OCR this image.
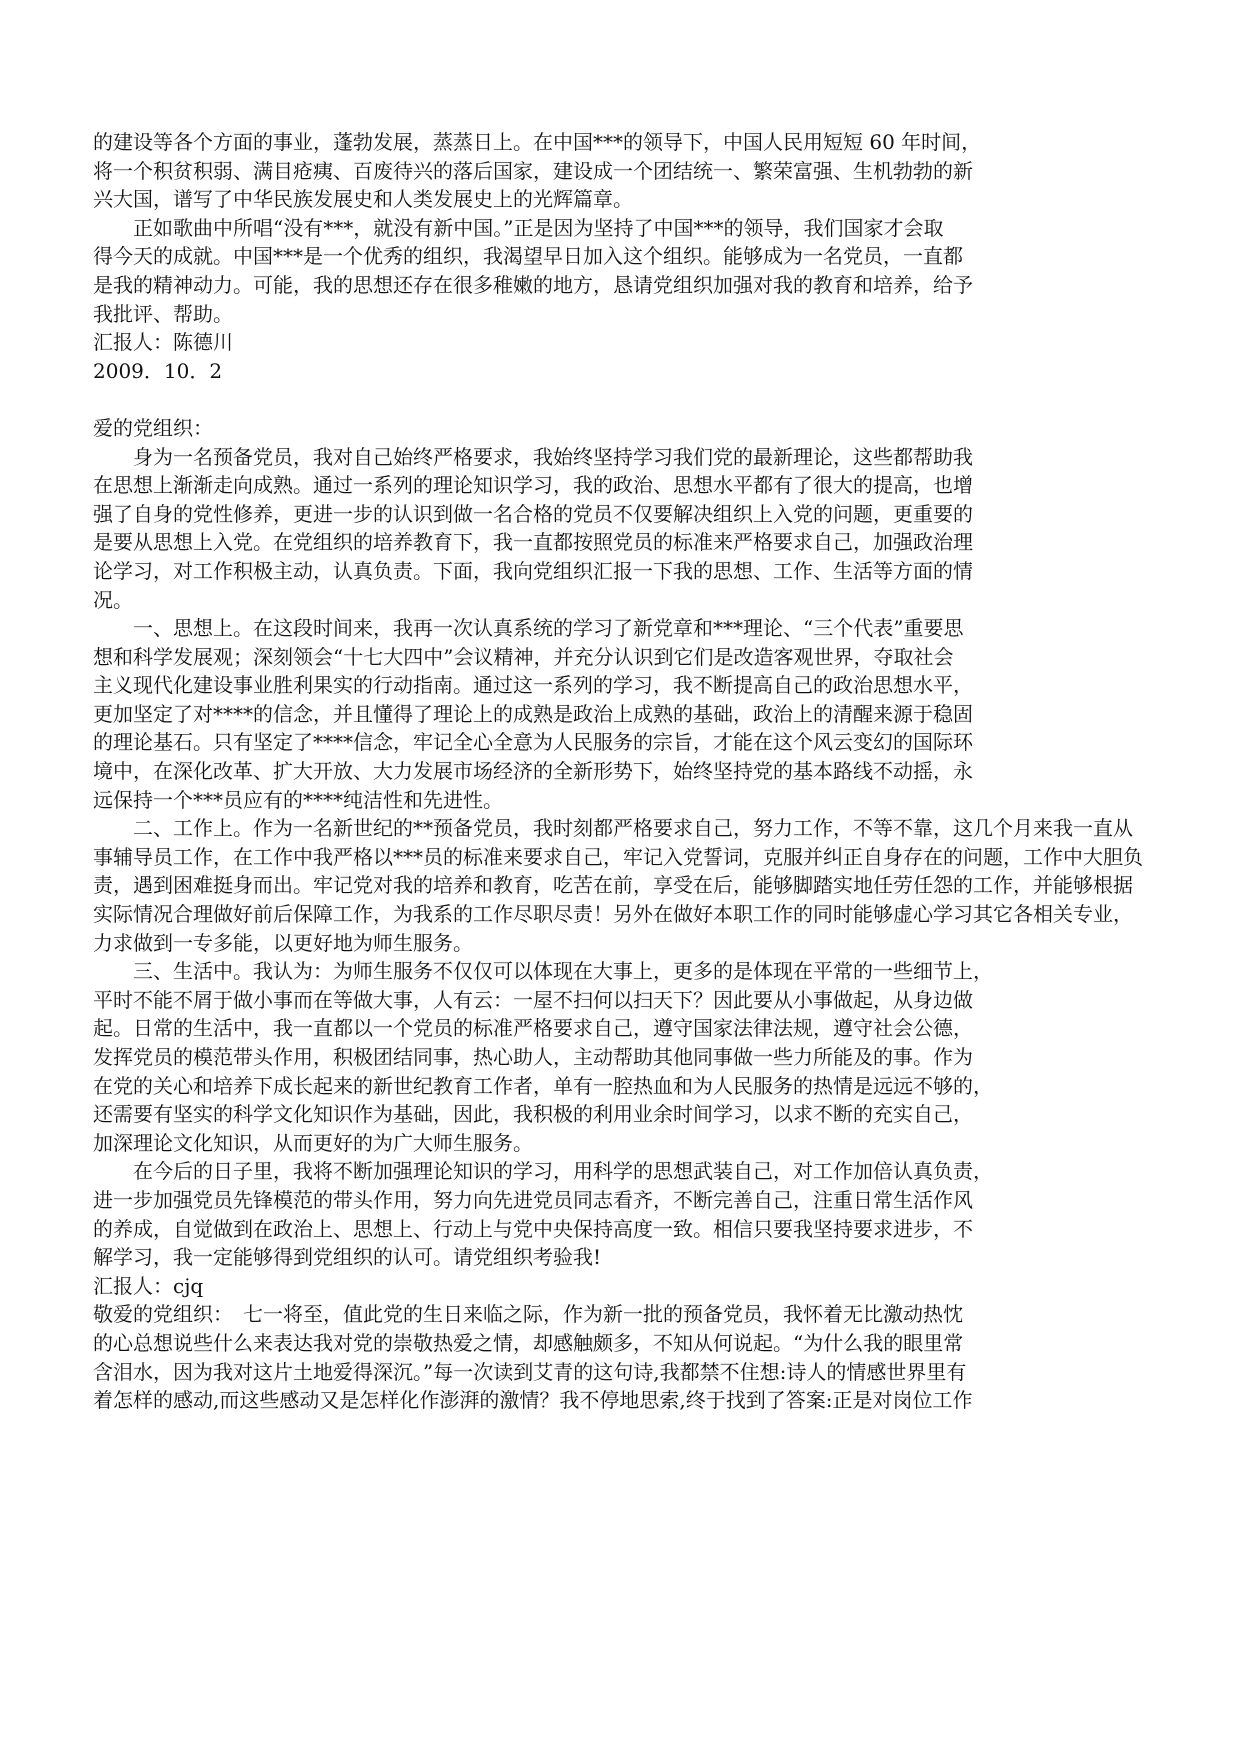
的建设等各个方面的事业，蓬勃发展，蒸蒸日上。在中国***的领导下，中国人民用短短 60 年时间，
将一个积贫积弱、满目疮痍、百废待兴的落后国家，建设成一个团结统一、繁荣富强、生机勃勃的新
兴大国，谱写了中华民族发展史和人类发展史上的光辉篇章。
正如歌曲中所唱“没有***，就没有新中国。”正是因为坚持了中国***的领导，我们国家才会取
得今天的成就。中国***是一个优秀的组织，我渴望早日加入这个组织。能够成为一名党员，一直都
是我的精神动力。可能，我的思想还存在很多稚嫩的地方，恳请党组织加强对我的教育和培养，给予
我批评、帮助。
汇报人：陈德川
2009．10．2
爱的党组织：
身为一名预备党员，我对自己始终严格要求，我始终坚持学习我们党的最新理论，这些都帮助我
在思想上渐渐走向成熟。通过一系列的理论知识学习，我的政治、思想水平都有了很大的提高，也增
强了自身的党性修养，更进一步的认识到做一名合格的党员不仅要解决组织上入党的问题，更重要的
是要从思想上入党。在党组织的培养教育下，我一直都按照党员的标准来严格要求自己，加强政治理
论学习，对工作积极主动，认真负责。下面，我向党组织汇报一下我的思想、工作、生活等方面的情
况。
一、思想上。在这段时间来，我再一次认真系统的学习了新党章和***理论、“三个代表”重要思
想和科学发展观；深刻领会“十七大四中”会议精神，并充分认识到它们是改造客观世界，夺取社会
主义现代化建设事业胜利果实的行动指南。通过这一系列的学习，我不断提高自己的政治思想水平，
更加坚定了对****的信念，并且懂得了理论上的成熟是政治上成熟的基础，政治上的清醒来源于稳固
的理论基石。只有坚定了****信念，牢记全心全意为人民服务的宗旨，才能在这个风云变幻的国际环
境中，在深化改革、扩大开放、大力发展市场经济的全新形势下，始终坚持党的基本路线不动摇，永
远保持一个***员应有的****纯洁性和先进性。
二、工作上。作为一名新世纪的**预备党员，我时刻都严格要求自己，努力工作，不等不靠，这几个月来我一直从
事辅导员工作，在工作中我严格以***员的标准来要求自己，牢记入党誓词，克服并纠正自身存在的问题，工作中大胆负
责，遇到困难挺身而出。牢记党对我的培养和教育，吃苦在前，享受在后，能够脚踏实地任劳任怨的工作，并能够根据
实际情况合理做好前后保障工作，为我系的工作尽职尽责！另外在做好本职工作的同时能够虚心学习其它各相关专业，
力求做到一专多能，以更好地为师生服务。
三、生活中。我认为：为师生服务不仅仅可以体现在大事上，更多的是体现在平常的一些细节上，
平时不能不屑于做小事而在等做大事，人有云：一屋不扫何以扫天下？因此要从小事做起，从身边做
起。日常的生活中，我一直都以一个党员的标准严格要求自己，遵守国家法律法规，遵守社会公德，
发挥党员的模范带头作用，积极团结同事，热心助人，主动帮助其他同事做一些力所能及的事。作为
在党的关心和培养下成长起来的新世纪教育工作者，单有一腔热血和为人民服务的热情是远远不够的，
还需要有坚实的科学文化知识作为基础，因此，我积极的利用业余时间学习，以求不断的充实自己，
加深理论文化知识，从而更好的为广大师生服务。
在今后的日子里，我将不断加强理论知识的学习，用科学的思想武装自己，对工作加倍认真负责，
进一步加强党员先锋模范的带头作用，努力向先进党员同志看齐，不断完善自己，注重日常生活作风
的养成，自觉做到在政治上、思想上、行动上与党中央保持高度一致。相信只要我坚持要求进步，不
解学习，我一定能够得到党组织的认可。请党组织考验我!
汇报人：cjq
敬爱的党组织：　七一将至，值此党的生日来临之际，作为新一批的预备党员，我怀着无比激动热忱
的心总想说些什么来表达我对党的崇敬热爱之情，却感触颇多，不知从何说起。“为什么我的眼里常
含泪水，因为我对这片土地爱得深沉。”每一次读到艾青的这句诗,我都禁不住想:诗人的情感世界里有
着怎样的感动,而这些感动又是怎样化作澎湃的激情？我不停地思索,终于找到了答案:正是对岗位工作
